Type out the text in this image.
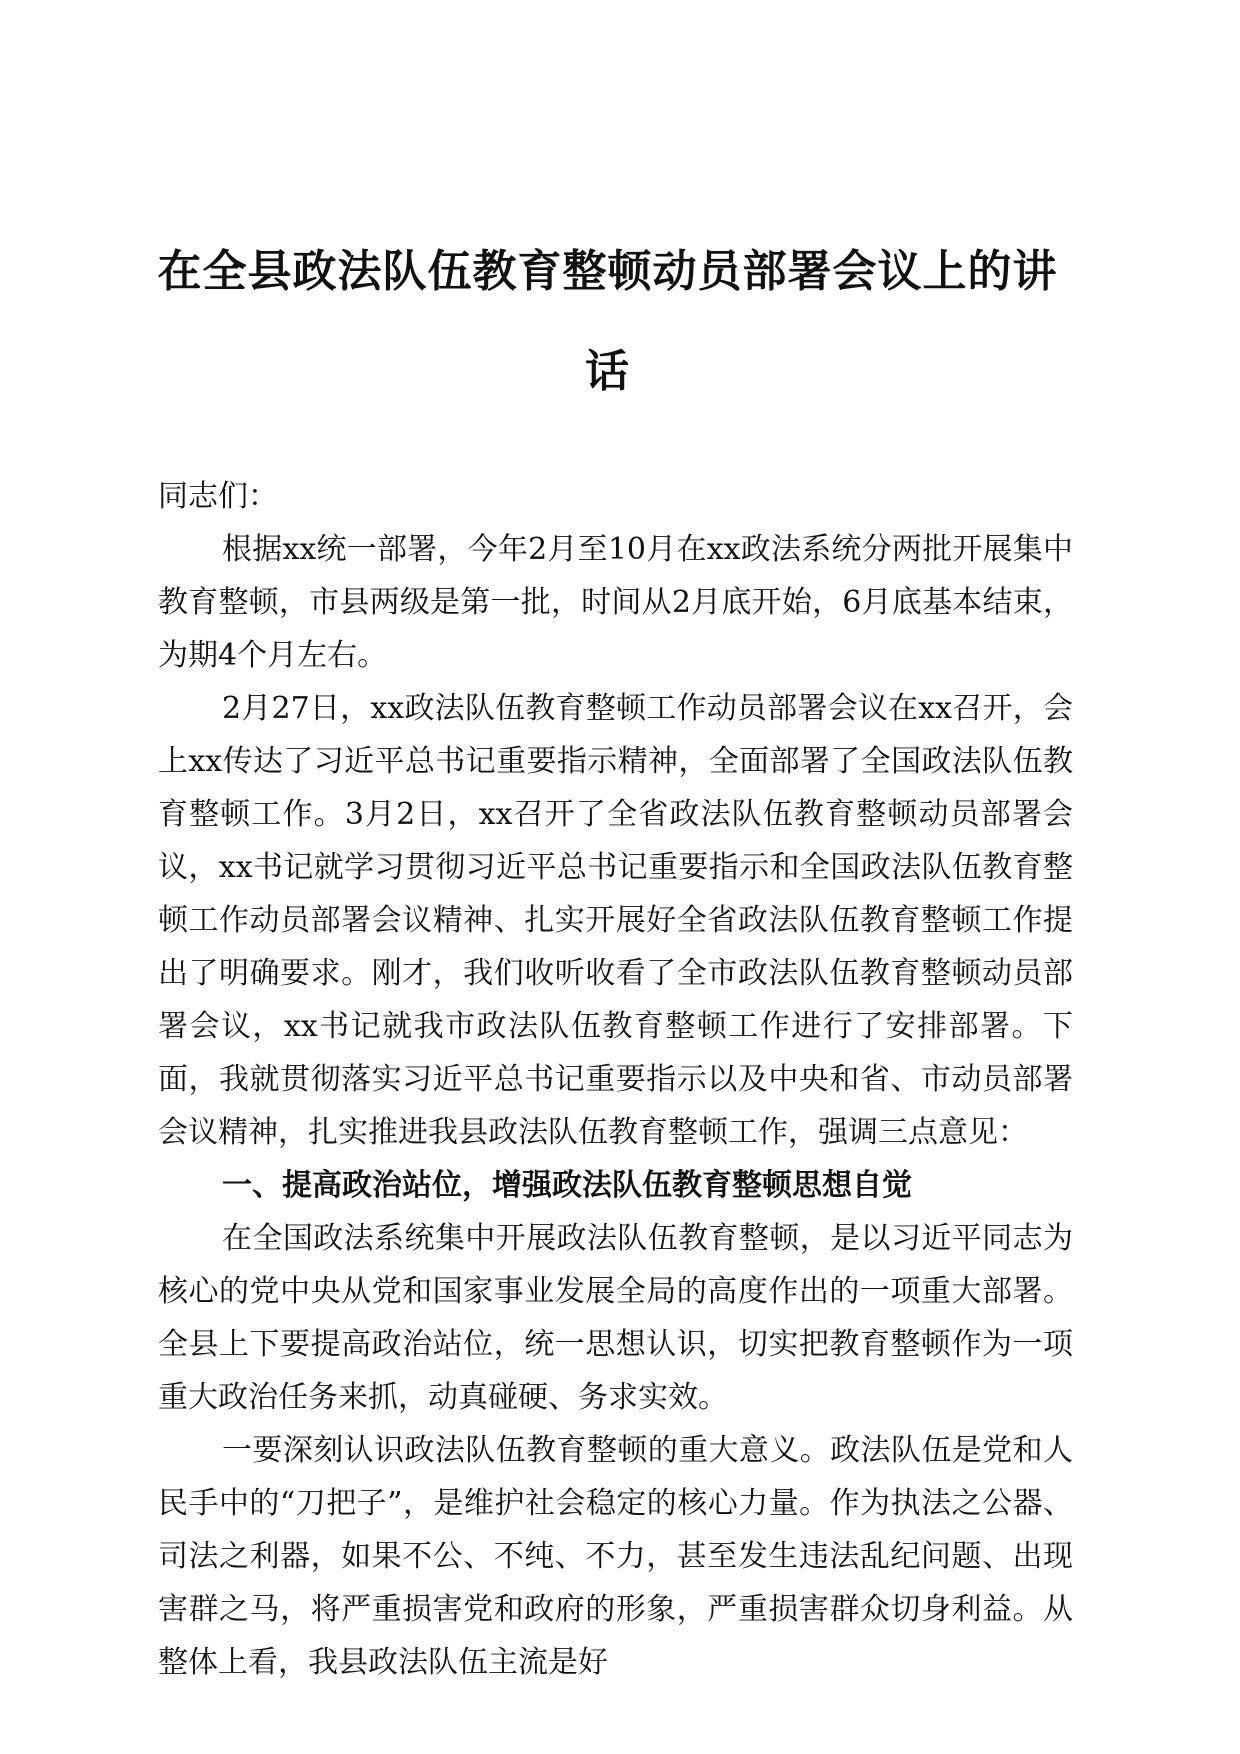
在全县政法队伍教育整顿动员部署会议上的讲话

同志们：

根据xx统一部署，今年2月至10月在xx政法系统分两批开展集中教育整顿，市县两级是第一批，时间从2月底开始，6月底基本结束，为期4个月左右。

2月27日，xx政法队伍教育整顿工作动员部署会议在xx召开，会上xx传达了习近平总书记重要指示精神，全面部署了全国政法队伍教育整顿工作。3月2日，xx召开了全省政法队伍教育整顿动员部署会议，xx书记就学习贯彻习近平总书记重要指示和全国政法队伍教育整顿工作动员部署会议精神、扎实开展好全省政法队伍教育整顿工作提出了明确要求。刚才，我们收听收看了全市政法队伍教育整顿动员部署会议，xx书记就我市政法队伍教育整顿工作进行了安排部署。下面，我就贯彻落实习近平总书记重要指示以及中央和省、市动员部署会议精神，扎实推进我县政法队伍教育整顿工作，强调三点意见：

一、提高政治站位，增强政法队伍教育整顿思想自觉

在全国政法系统集中开展政法队伍教育整顿，是以习近平同志为核心的党中央从党和国家事业发展全局的高度作出的一项重大部署。全县上下要提高政治站位，统一思想认识，切实把教育整顿作为一项重大政治任务来抓，动真碰硬、务求实效。

一要深刻认识政法队伍教育整顿的重大意义。政法队伍是党和人民手中的“刀把子”，是维护社会稳定的核心力量。作为执法之公器、司法之利器，如果不公、不纯、不力，甚至发生违法乱纪问题、出现害群之马，将严重损害党和政府的形象，严重损害群众切身利益。从整体上看，我县政法队伍主流是好
